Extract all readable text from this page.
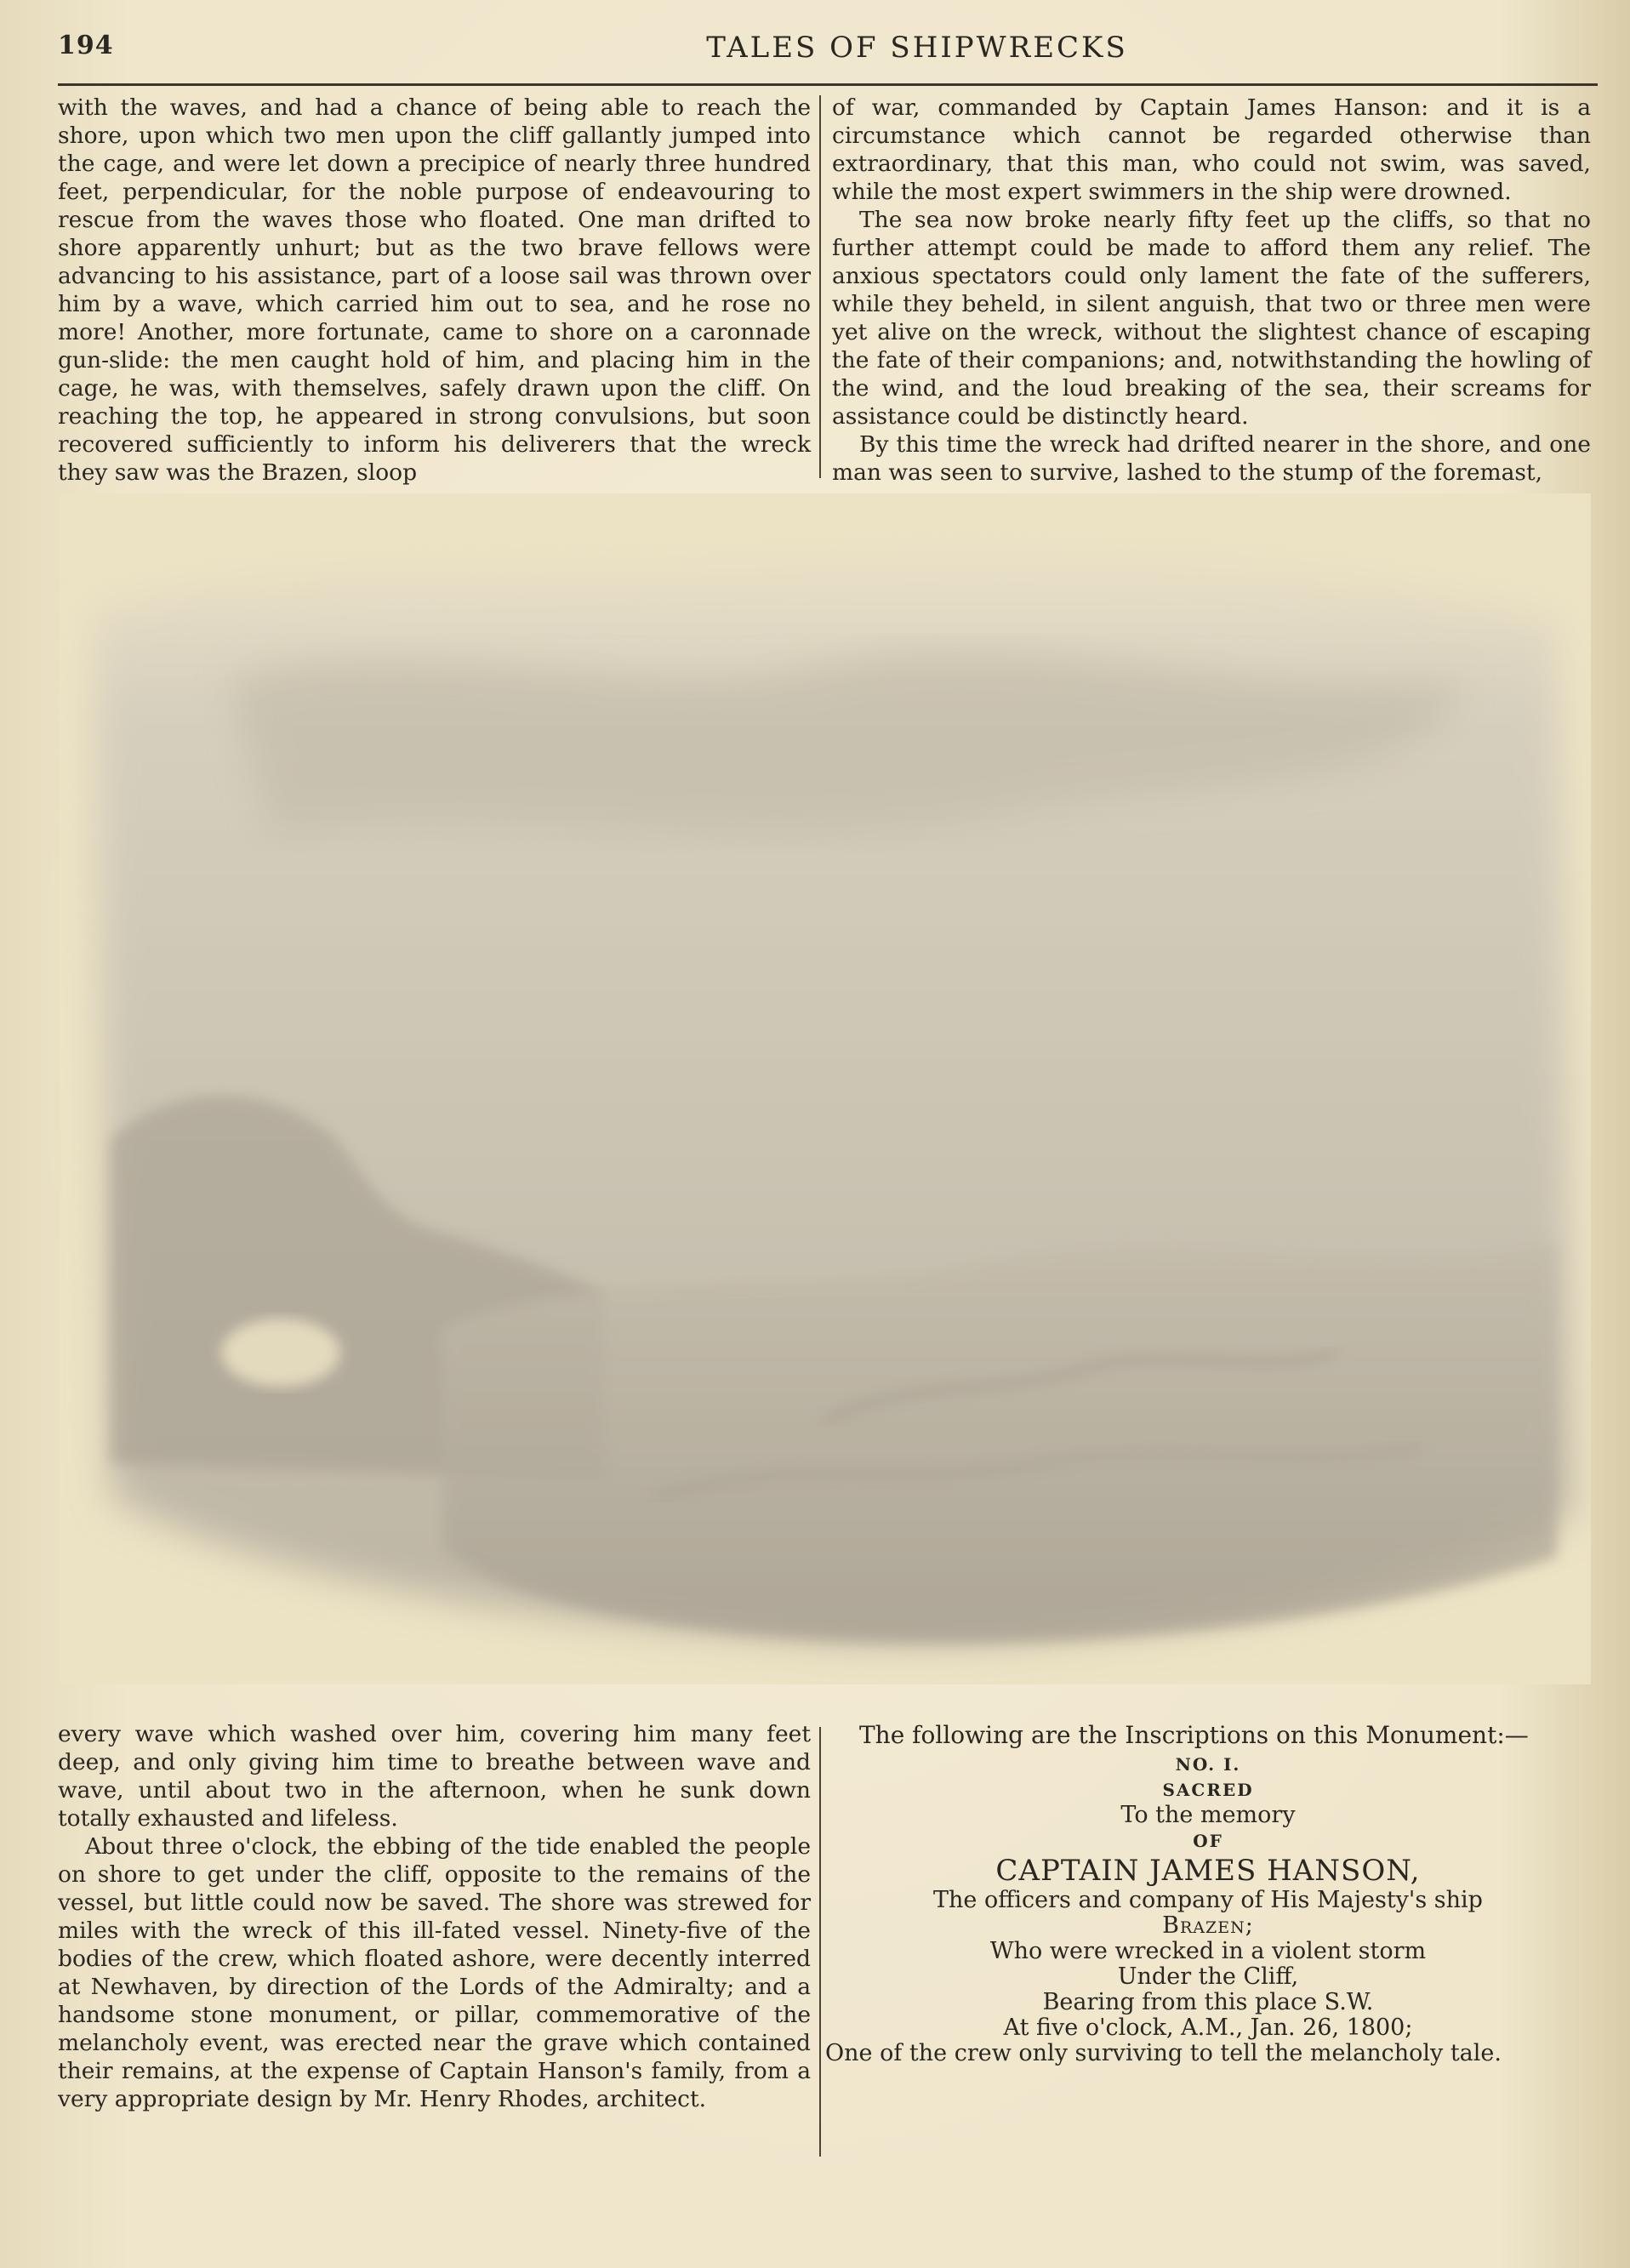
194	TALES OF SHIPWRECKS

with the waves, and had a chance of being able to reach the shore, upon which two men upon the cliff gallantly jumped into the cage, and were let down a precipice of nearly three hundred feet, perpendicular, for the noble purpose of endeavouring to rescue from the waves those who floated. One man drifted to shore apparently unhurt; but as the two brave fellows were advancing to his assistance, part of a loose sail was thrown over him by a wave, which carried him out to sea, and he rose no more! Another, more fortunate, came to shore on a caronnade gun-slide: the men caught hold of him, and placing him in the cage, he was, with themselves, safely drawn upon the cliff. On reaching the top, he appeared in strong convulsions, but soon recovered sufficiently to inform his deliverers that the wreck they saw was the Brazen, sloop

of war, commanded by Captain James Hanson: and it is a circumstance which cannot be regarded otherwise than extraordinary, that this man, who could not swim, was saved, while the most expert swimmers in the ship were drowned.

The sea now broke nearly fifty feet up the cliffs, so that no further attempt could be made to afford them any relief. The anxious spectators could only lament the fate of the sufferers, while they beheld, in silent anguish, that two or three men were yet alive on the wreck, without the slightest chance of escaping the fate of their companions; and, notwithstanding the howling of the wind, and the loud breaking of the sea, their screams for assistance could be distinctly heard.

By this time the wreck had drifted nearer in the shore, and one man was seen to survive, lashed to the stump of the foremast,

every wave which washed over him, covering him many feet deep, and only giving him time to breathe between wave and wave, until about two in the afternoon, when he sunk down totally exhausted and lifeless.

About three o'clock, the ebbing of the tide enabled the people on shore to get under the cliff, opposite to the remains of the vessel, but little could now be saved. The shore was strewed for miles with the wreck of this ill-fated vessel. Ninety-five of the bodies of the crew, which floated ashore, were decently interred at Newhaven, by direction of the Lords of the Admiralty; and a handsome stone monument, or pillar, commemorative of the melancholy event, was erected near the grave which contained their remains, at the expense of Captain Hanson's family, from a very appropriate design by Mr. Henry Rhodes, architect.

The following are the Inscriptions on this Monument:—
NO. I.
SACRED
To the memory
OF
CAPTAIN JAMES HANSON,
The officers and company of His Majesty's ship
Brazen;
Who were wrecked in a violent storm
Under the Cliff,
Bearing from this place S.W.
At five o'clock, A.M., Jan. 26, 1800;
One of the crew only surviving to tell the melancholy tale.
